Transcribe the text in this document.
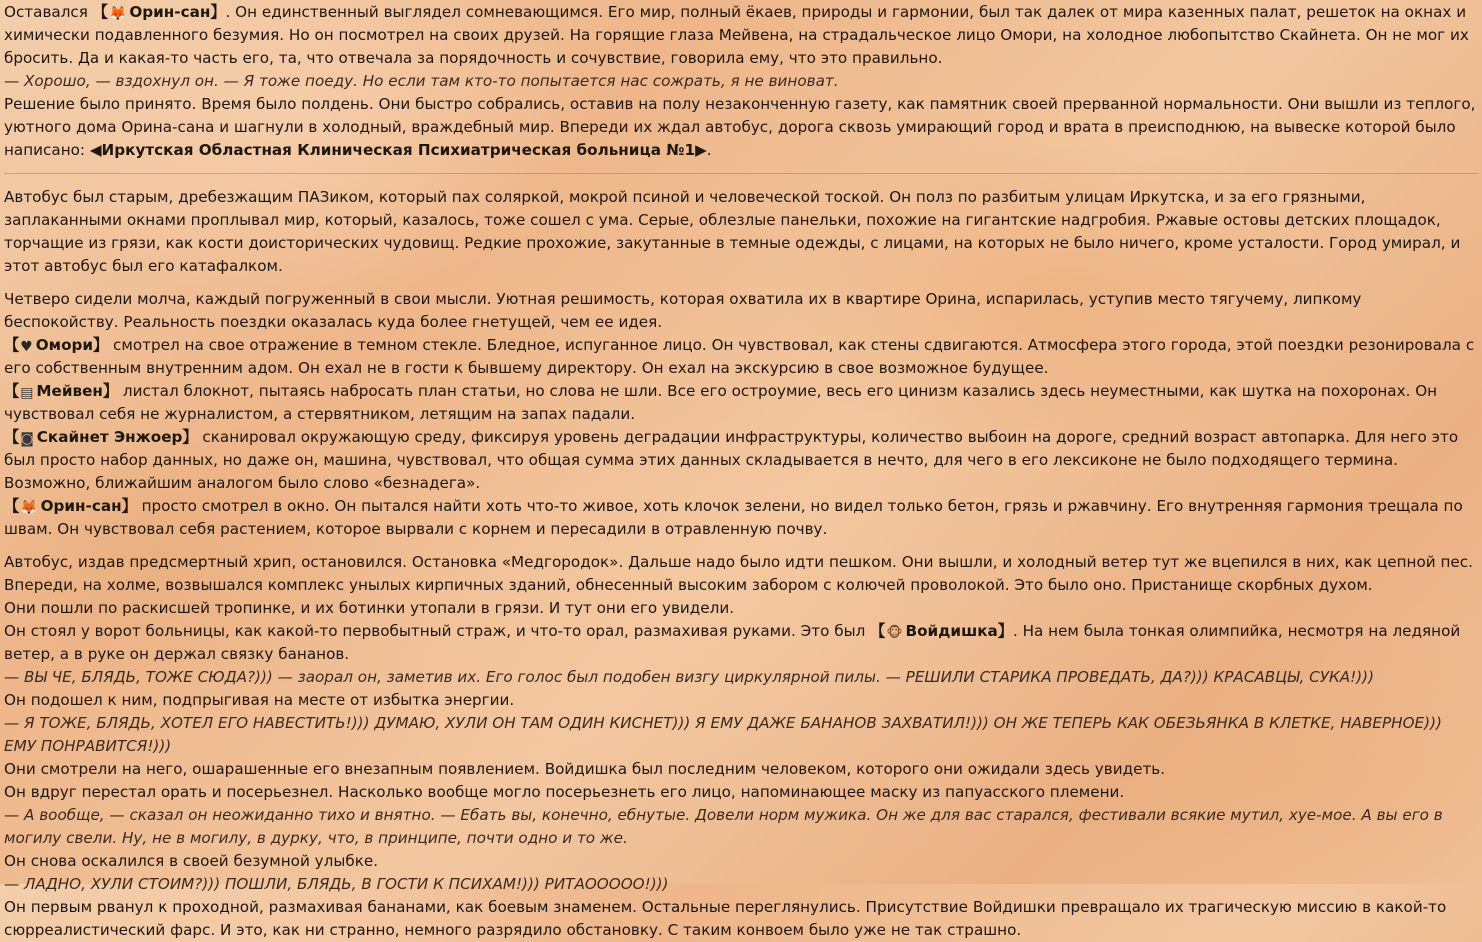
Оставался 【🦊 Орин-сан】. Он единственный выглядел сомневающимся. Его мир, полный ёкаев, природы и гармонии, был так далек от мира казенных палат, решеток на окнах и химически подавленного безумия. Но он посмотрел на своих друзей. На горящие глаза Мейвена, на страдальческое лицо Омори, на холодное любопытство Скайнета. Он не мог их бросить. Да и какая-то часть его, та, что отвечала за порядочность и сочувствие, говорила ему, что это правильно.

— Хорошо, — вздохнул он. — Я тоже поеду. Но если там кто-то попытается нас сожрать, я не виноват.

Решение было принято. Время было полдень. Они быстро собрались, оставив на полу незаконченную газету, как памятник своей прерванной нормальности. Они вышли из теплого, уютного дома Орина-сана и шагнули в холодный, враждебный мир. Впереди их ждал автобус, дорога сквозь умирающий город и врата в преисподнюю, на вывеске которой было написано: ◀Иркутская Областная Клиническая Психиатрическая больница №1▶.

Автобус был старым, дребезжащим ПАЗиком, который пах соляркой, мокрой псиной и человеческой тоской. Он полз по разбитым улицам Иркутска, и за его грязными, заплаканными окнами проплывал мир, который, казалось, тоже сошел с ума. Серые, облезлые панельки, похожие на гигантские надгробия. Ржавые остовы детских площадок, торчащие из грязи, как кости доисторических чудовищ. Редкие прохожие, закутанные в темные одежды, с лицами, на которых не было ничего, кроме усталости. Город умирал, и этот автобус был его катафалком.

Четверо сидели молча, каждый погруженный в свои мысли. Уютная решимость, которая охватила их в квартире Орина, испарилась, уступив место тягучему, липкому беспокойству. Реальность поездки оказалась куда более гнетущей, чем ее идея.

【♥ Омори】 смотрел на свое отражение в темном стекле. Бледное, испуганное лицо. Он чувствовал, как стены сдвигаются. Атмосфера этого города, этой поездки резонировала с его собственным внутренним адом. Он ехал не в гости к бывшему директору. Он ехал на экскурсию в свое возможное будущее.

【▤ Мейвен】 листал блокнот, пытаясь набросать план статьи, но слова не шли. Все его остроумие, весь его цинизм казались здесь неуместными, как шутка на похоронах. Он чувствовал себя не журналистом, а стервятником, летящим на запах падали.

【◙ Скайнет Энжоер】 сканировал окружающую среду, фиксируя уровень деградации инфраструктуры, количество выбоин на дороге, средний возраст автопарка. Для него это был просто набор данных, но даже он, машина, чувствовал, что общая сумма этих данных складывается в нечто, для чего в его лексиконе не было подходящего термина. Возможно, ближайшим аналогом было слово «безнадега».

【🦊 Орин-сан】 просто смотрел в окно. Он пытался найти хоть что-то живое, хоть клочок зелени, но видел только бетон, грязь и ржавчину. Его внутренняя гармония трещала по швам. Он чувствовал себя растением, которое вырвали с корнем и пересадили в отравленную почву.

Автобус, издав предсмертный хрип, остановился. Остановка «Медгородок». Дальше надо было идти пешком. Они вышли, и холодный ветер тут же вцепился в них, как цепной пес. Впереди, на холме, возвышался комплекс унылых кирпичных зданий, обнесенный высоким забором с колючей проволокой. Это было оно. Пристанище скорбных духом.

Они пошли по раскисшей тропинке, и их ботинки утопали в грязи. И тут они его увидели.

Он стоял у ворот больницы, как какой-то первобытный страж, и что-то орал, размахивая руками. Это был 【🐵 Войдишка】. На нем была тонкая олимпийка, несмотря на ледяной ветер, а в руке он держал связку бананов.

— ВЫ ЧЕ, БЛЯДЬ, ТОЖЕ СЮДА?))) — заорал он, заметив их. Его голос был подобен визгу циркулярной пилы. — РЕШИЛИ СТАРИКА ПРОВЕДАТЬ, ДА?))) КРАСАВЦЫ, СУКА!)))

Он подошел к ним, подпрыгивая на месте от избытка энергии.

— Я ТОЖЕ, БЛЯДЬ, ХОТЕЛ ЕГО НАВЕСТИТЬ!))) ДУМАЮ, ХУЛИ ОН ТАМ ОДИН КИСНЕТ))) Я ЕМУ ДАЖЕ БАНАНОВ ЗАХВАТИЛ!))) ОН ЖЕ ТЕПЕРЬ КАК ОБЕЗЬЯНКА В КЛЕТКЕ, НАВЕРНОЕ))) ЕМУ ПОНРАВИТСЯ!)))

Они смотрели на него, ошарашенные его внезапным появлением. Войдишка был последним человеком, которого они ожидали здесь увидеть.

Он вдруг перестал орать и посерьезнел. Насколько вообще могло посерьезнеть его лицо, напоминающее маску из папуасского племени.

— А вообще, — сказал он неожиданно тихо и внятно. — Ебать вы, конечно, ебнутые. Довели норм мужика. Он же для вас старался, фестивали всякие мутил, хуе-мое. А вы его в могилу свели. Ну, не в могилу, в дурку, что, в принципе, почти одно и то же.

Он снова оскалился в своей безумной улыбке.

— ЛАДНО, ХУЛИ СТОИМ?))) ПОШЛИ, БЛЯДЬ, В ГОСТИ К ПСИХАМ!))) РИТАООООО!)))

Он первым рванул к проходной, размахивая бананами, как боевым знаменем. Остальные переглянулись. Присутствие Войдишки превращало их трагическую миссию в какой-то сюрреалистический фарс. И это, как ни странно, немного разрядило обстановку. С таким конвоем было уже не так страшно.
